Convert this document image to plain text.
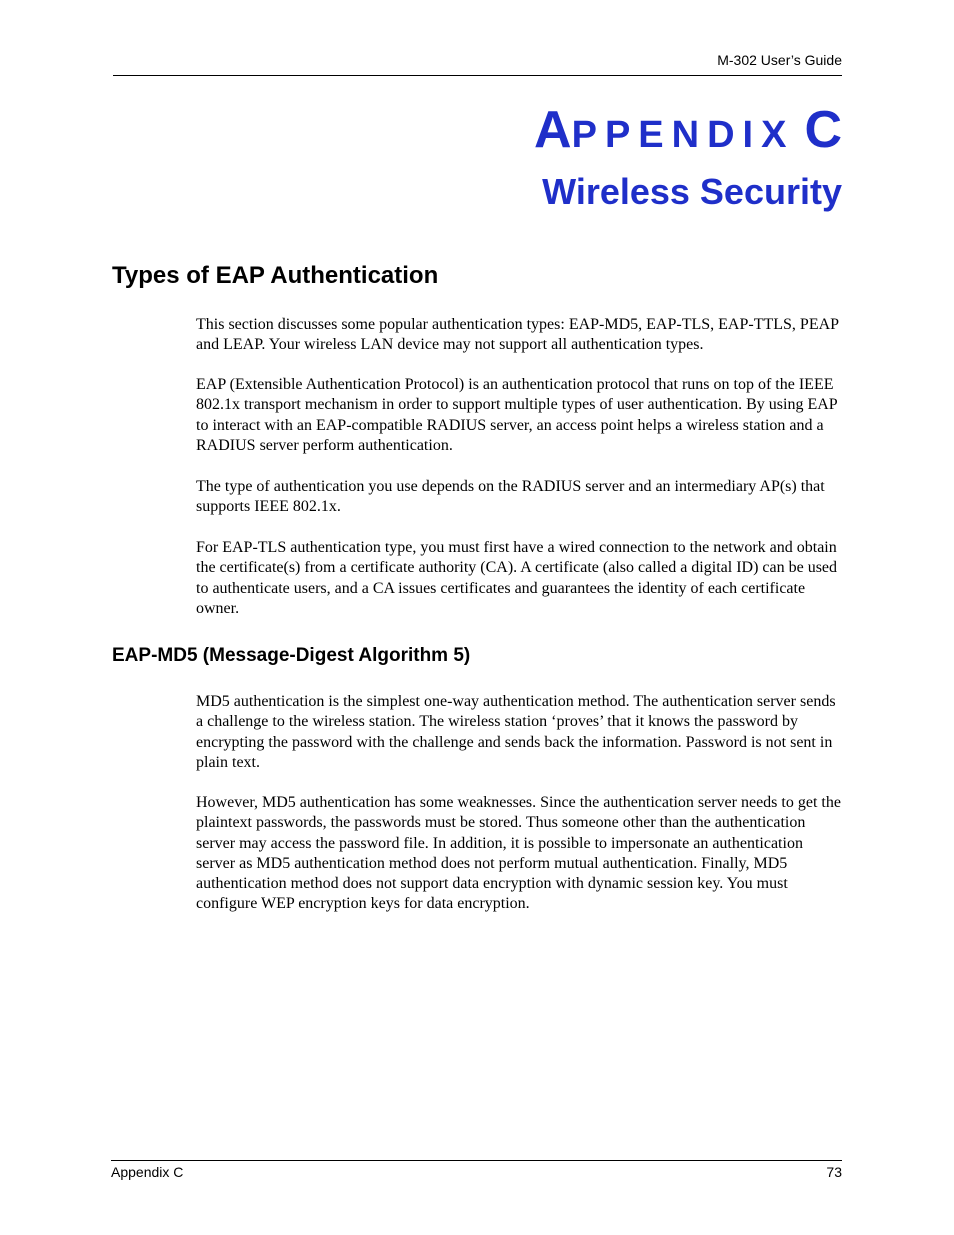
M-302 User’s Guide
APPENDIX C
Wireless Security
Types of EAP Authentication

This section discusses some popular authentication types: EAP-MD5, EAP-TLS, EAP-TTLS, PEAP and LEAP. Your wireless LAN device may not support all authentication types.

EAP (Extensible Authentication Protocol) is an authentication protocol that runs on top of the IEEE 802.1x transport mechanism in order to support multiple types of user authentication. By using EAP to interact with an EAP-compatible RADIUS server, an access point helps a wireless station and a RADIUS server perform authentication.

The type of authentication you use depends on the RADIUS server and an intermediary AP(s) that supports IEEE 802.1x.

For EAP-TLS authentication type, you must first have a wired connection to the network and obtain the certificate(s) from a certificate authority (CA). A certificate (also called a digital ID) can be used to authenticate users, and a CA issues certificates and guarantees the identity of each certificate owner.

EAP-MD5 (Message-Digest Algorithm 5)

MD5 authentication is the simplest one-way authentication method. The authentication server sends a challenge to the wireless station. The wireless station ‘proves’ that it knows the password by encrypting the password with the challenge and sends back the information. Password is not sent in plain text.

However, MD5 authentication has some weaknesses. Since the authentication server needs to get the plaintext passwords, the passwords must be stored. Thus someone other than the authentication server may access the password file. In addition, it is possible to impersonate an authentication server as MD5 authentication method does not perform mutual authentication. Finally, MD5 authentication method does not support data encryption with dynamic session key. You must configure WEP encryption keys for data encryption.

Appendix C	73
